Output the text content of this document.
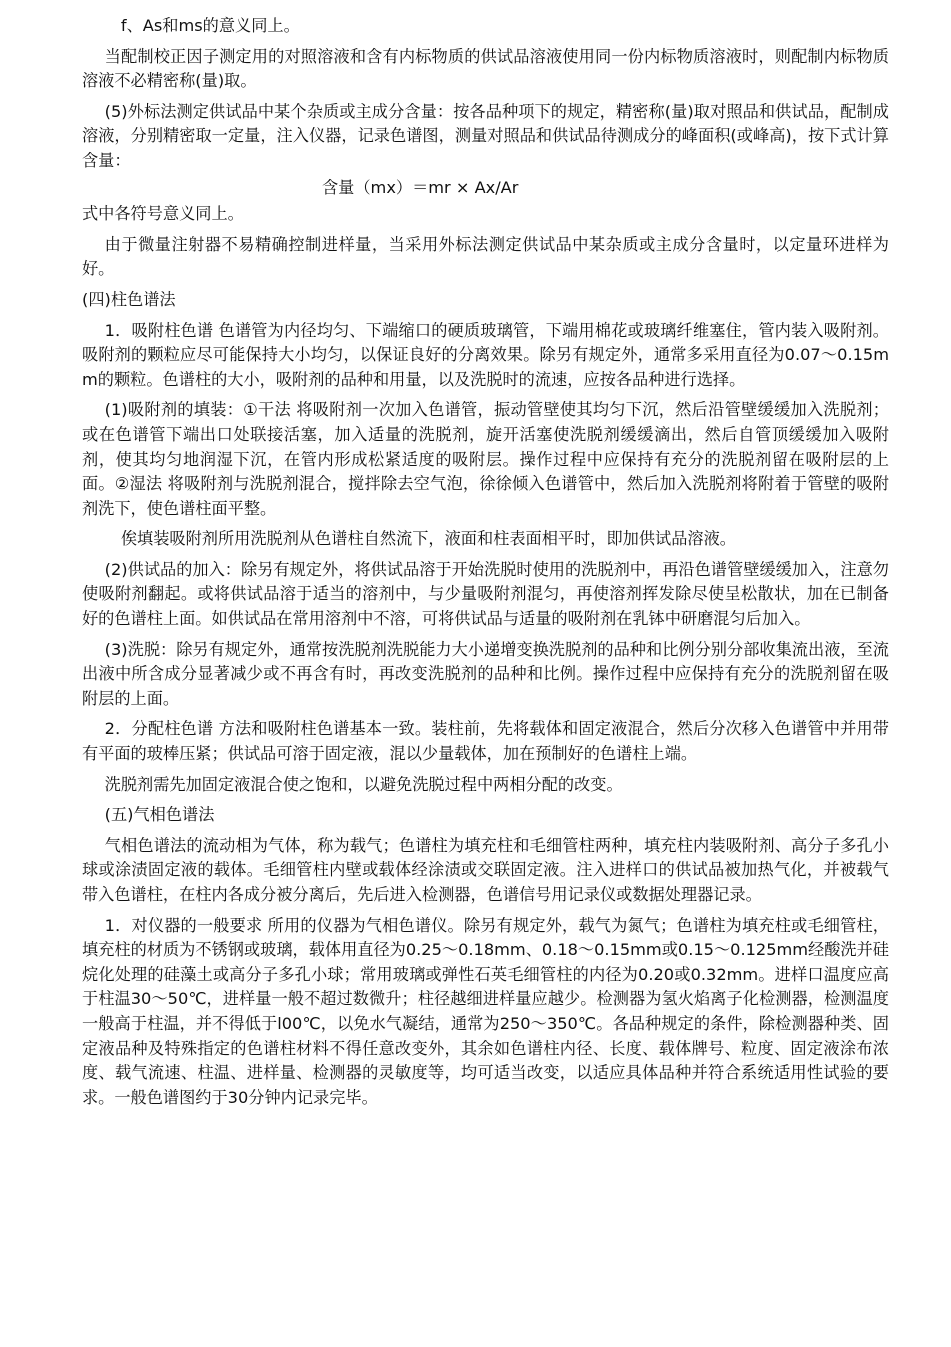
f、As和ms的意义同上。

当配制校正因子测定用的对照溶液和含有内标物质的供试品溶液使用同一份内标物质溶液时，则配制内标物质溶液不必精密称(量)取。

(5)外标法测定供试品中某个杂质或主成分含量：按各品种项下的规定，精密称(量)取对照品和供试品，配制成溶液，分别精密取一定量，注入仪器，记录色谱图，测量对照品和供试品待测成分的峰面积(或峰高)，按下式计算含量：

含量（mx）＝mr × Ax/Ar

式中各符号意义同上。

由于微量注射器不易精确控制进样量，当采用外标法测定供试品中某杂质或主成分含量时，以定量环进样为好。

(四)柱色谱法

1．吸附柱色谱 色谱管为内径均匀、下端缩口的硬质玻璃管，下端用棉花或玻璃纤维塞住，管内装入吸附剂。吸附剂的颗粒应尽可能保持大小均匀，以保证良好的分离效果。除另有规定外，通常多采用直径为0.07～0.15mm的颗粒。色谱柱的大小，吸附剂的品种和用量，以及洗脱时的流速，应按各品种进行选择。

(1)吸附剂的填装：①干法 将吸附剂一次加入色谱管，振动管壁使其均匀下沉，然后沿管壁缓缓加入洗脱剂；或在色谱管下端出口处联接活塞，加入适量的洗脱剂，旋开活塞使洗脱剂缓缓滴出，然后自管顶缓缓加入吸附剂，使其均匀地润湿下沉，在管内形成松紧适度的吸附层。操作过程中应保持有充分的洗脱剂留在吸附层的上面。②湿法 将吸附剂与洗脱剂混合，搅拌除去空气泡，徐徐倾入色谱管中，然后加入洗脱剂将附着于管壁的吸附剂洗下，使色谱柱面平整。

俟填装吸附剂所用洗脱剂从色谱柱自然流下，液面和柱表面相平时，即加供试品溶液。

(2)供试品的加入：除另有规定外，将供试品溶于开始洗脱时使用的洗脱剂中，再沿色谱管壁缓缓加入，注意勿使吸附剂翻起。或将供试品溶于适当的溶剂中，与少量吸附剂混匀，再使溶剂挥发除尽使呈松散状，加在已制备好的色谱柱上面。如供试品在常用溶剂中不溶，可将供试品与适量的吸附剂在乳钵中研磨混匀后加入。

(3)洗脱：除另有规定外，通常按洗脱剂洗脱能力大小递增变换洗脱剂的品种和比例分别分部收集流出液，至流出液中所含成分显著减少或不再含有时，再改变洗脱剂的品种和比例。操作过程中应保持有充分的洗脱剂留在吸附层的上面。

2．分配柱色谱 方法和吸附柱色谱基本一致。装柱前，先将载体和固定液混合，然后分次移入色谱管中并用带有平面的玻棒压紧；供试品可溶于固定液，混以少量载体，加在预制好的色谱柱上端。

洗脱剂需先加固定液混合使之饱和，以避免洗脱过程中两相分配的改变。

(五)气相色谱法

气相色谱法的流动相为气体，称为载气；色谱柱为填充柱和毛细管柱两种，填充柱内装吸附剂、高分子多孔小球或涂渍固定液的载体。毛细管柱内壁或载体经涂渍或交联固定液。注入进样口的供试品被加热气化，并被载气带入色谱柱，在柱内各成分被分离后，先后进入检测器，色谱信号用记录仪或数据处理器记录。

1．对仪器的一般要求 所用的仪器为气相色谱仪。除另有规定外，载气为氮气；色谱柱为填充柱或毛细管柱，填充柱的材质为不锈钢或玻璃，载体用直径为0.25～0.18mm、0.18～0.15mm或0.15～0.125mm经酸洗并硅烷化处理的硅藻土或高分子多孔小球；常用玻璃或弹性石英毛细管柱的内径为0.20或0.32mm。进样口温度应高于柱温30～50℃，进样量一般不超过数微升；柱径越细进样量应越少。检测器为氢火焰离子化检测器，检测温度一般高于柱温，并不得低于l00℃，以免水气凝结，通常为250～350℃。各品种规定的条件，除检测器种类、固定液品种及特殊指定的色谱柱材料不得任意改变外，其余如色谱柱内径、长度、载体牌号、粒度、固定液涂布浓度、载气流速、柱温、进样量、检测器的灵敏度等，均可适当改变，以适应具体品种并符合系统适用性试验的要求。一般色谱图约于30分钟内记录完毕。
